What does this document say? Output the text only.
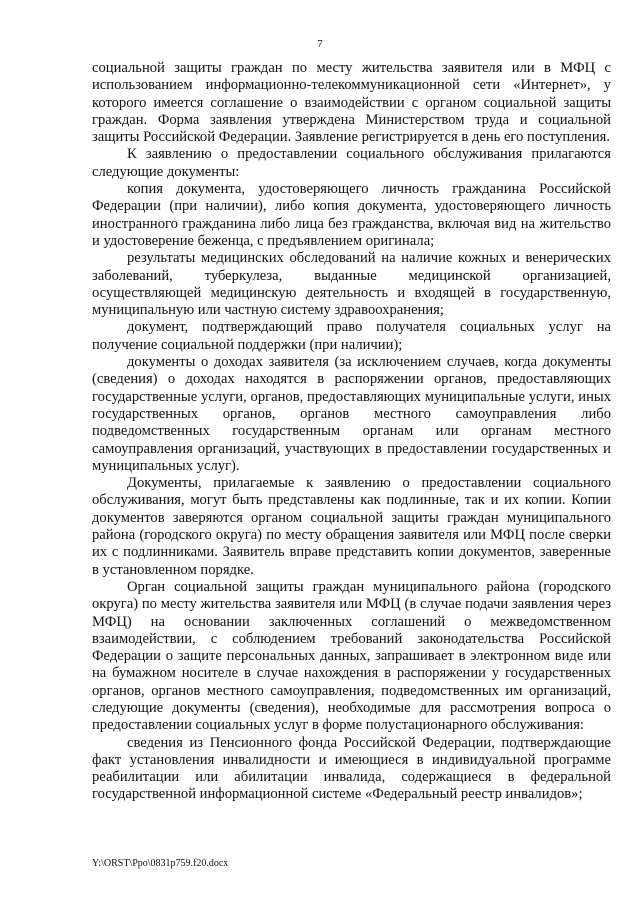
7

социальной защиты граждан по месту жительства заявителя или в МФЦ с использованием информационно-телекоммуникационной сети «Интернет», у которого имеется соглашение о взаимодействии с органом социальной защиты граждан. Форма заявления утверждена Министерством труда и социальной защиты Российской Федерации. Заявление регистрируется в день его поступления.

К заявлению о предоставлении социального обслуживания прилагаются следующие документы:

копия документа, удостоверяющего личность гражданина Российской Федерации (при наличии), либо копия документа, удостоверяющего личность иностранного гражданина либо лица без гражданства, включая вид на жительство и удостоверение беженца, с предъявлением оригинала;

результаты медицинских обследований на наличие кожных и венерических заболеваний, туберкулеза, выданные медицинской организацией, осуществляющей медицинскую деятельность и входящей в государственную, муниципальную или частную систему здравоохранения;

документ, подтверждающий право получателя социальных услуг на получение социальной поддержки (при наличии);

документы о доходах заявителя (за исключением случаев, когда документы (сведения) о доходах находятся в распоряжении органов, предоставляющих государственные услуги, органов, предоставляющих муниципальные услуги, иных государственных органов, органов местного самоуправления либо подведомственных государственным органам или органам местного самоуправления организаций, участвующих в предоставлении государственных и муниципальных услуг).

Документы, прилагаемые к заявлению о предоставлении социального обслуживания, могут быть представлены как подлинные, так и их копии. Копии документов заверяются органом социальной защиты граждан муниципального района (городского округа) по месту обращения заявителя или МФЦ после сверки их с подлинниками. Заявитель вправе представить копии документов, заверенные в установленном порядке.

Орган социальной защиты граждан муниципального района (городского округа) по месту жительства заявителя или МФЦ (в случае подачи заявления через МФЦ) на основании заключенных соглашений о межведомственном взаимодействии, с соблюдением требований законодательства Российской Федерации о защите персональных данных, запрашивает в электронном виде или на бумажном носителе в случае нахождения в распоряжении у государственных органов, органов местного самоуправления, подведомственных им организаций, следующие документы (сведения), необходимые для рассмотрения вопроса о предоставлении социальных услуг в форме полустационарного обслуживания:

сведения из Пенсионного фонда Российской Федерации, подтверждающие факт установления инвалидности и имеющиеся в индивидуальной программе реабилитации или абилитации инвалида, содержащиеся в федеральной государственной информационной системе «Федеральный реестр инвалидов»;

Y:\ORST\Ppo\0831p759.f20.docx
